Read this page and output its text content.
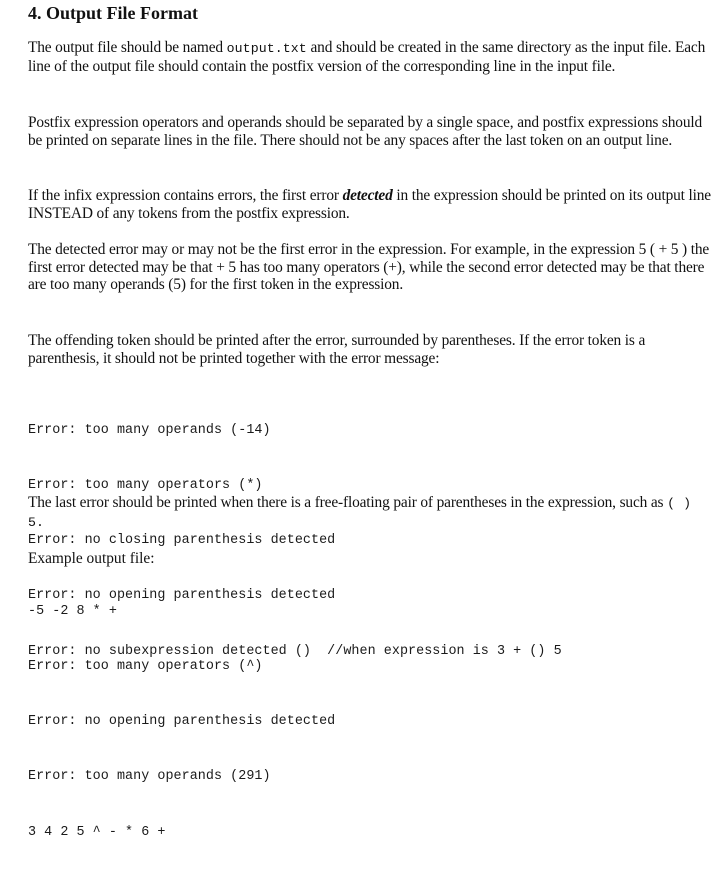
4. Output File Format
The output file should be named output.txt and should be created in the same directory as the input file. Each line of the output file should contain the postfix version of the corresponding line in the input file.
Postfix expression operators and operands should be separated by a single space, and postfix expressions should be printed on separate lines in the file. There should not be any spaces after the last token on an output line.
If the infix expression contains errors, the first error detected in the expression should be printed on its output line INSTEAD of any tokens from the postfix expression.
The detected error may or may not be the first error in the expression. For example, in the expression 5 ( + 5 ) the first error detected may be that + 5 has too many operators (+), while the second error detected may be that there are too many operands (5) for the first token in the expression.
The offending token should be printed after the error, surrounded by parentheses. If the error token is a parenthesis, it should not be printed together with the error message:

Error: too many operands (-14)

Error: too many operators (*)

Error: no closing parenthesis detected

Error: no opening parenthesis detected

Error: no subexpression detected ()  //when expression is 3 + () 5

The last error should be printed when there is a free-floating pair of parentheses in the expression, such as ( ) 5.
Example output file:

-5 -2 8 * +

Error: too many operators (^)

Error: no opening parenthesis detected

Error: too many operands (291)

3 4 2 5 ^ - * 6 +
